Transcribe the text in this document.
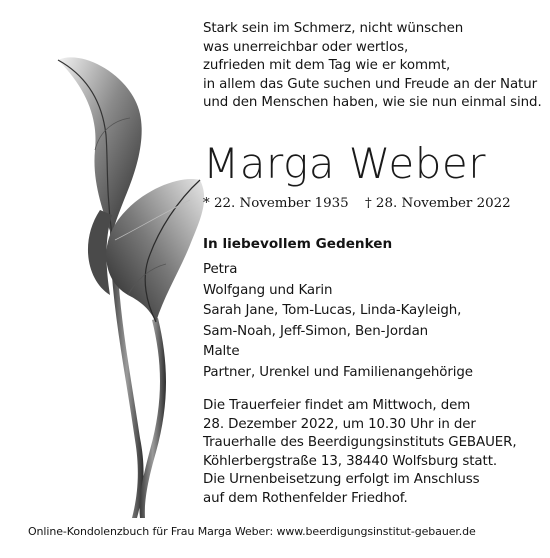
Stark sein im Schmerz, nicht wünschen
was unerreichbar oder wertlos,
zufrieden mit dem Tag wie er kommt,
in allem das Gute suchen und Freude an der Natur
und den Menschen haben, wie sie nun einmal sind.
Marga Weber
* 22. November 1935 † 28. November 2022
In liebevollem Gedenken
Petra
Wolfgang und Karin
Sarah Jane, Tom-Lucas, Linda-Kayleigh,
Sam-Noah, Jeff-Simon, Ben-Jordan
Malte
Partner, Urenkel und Familienangehörige
Die Trauerfeier findet am Mittwoch, dem
28. Dezember 2022, um 10.30 Uhr in der
Trauerhalle des Beerdigungsinstituts GEBAUER,
Köhlerbergstraße 13, 38440 Wolfsburg statt.
Die Urnenbeisetzung erfolgt im Anschluss
auf dem Rothenfelder Friedhof.
Online-Kondolenzbuch für Frau Marga Weber: www.beerdigungsinstitut-gebauer.de
